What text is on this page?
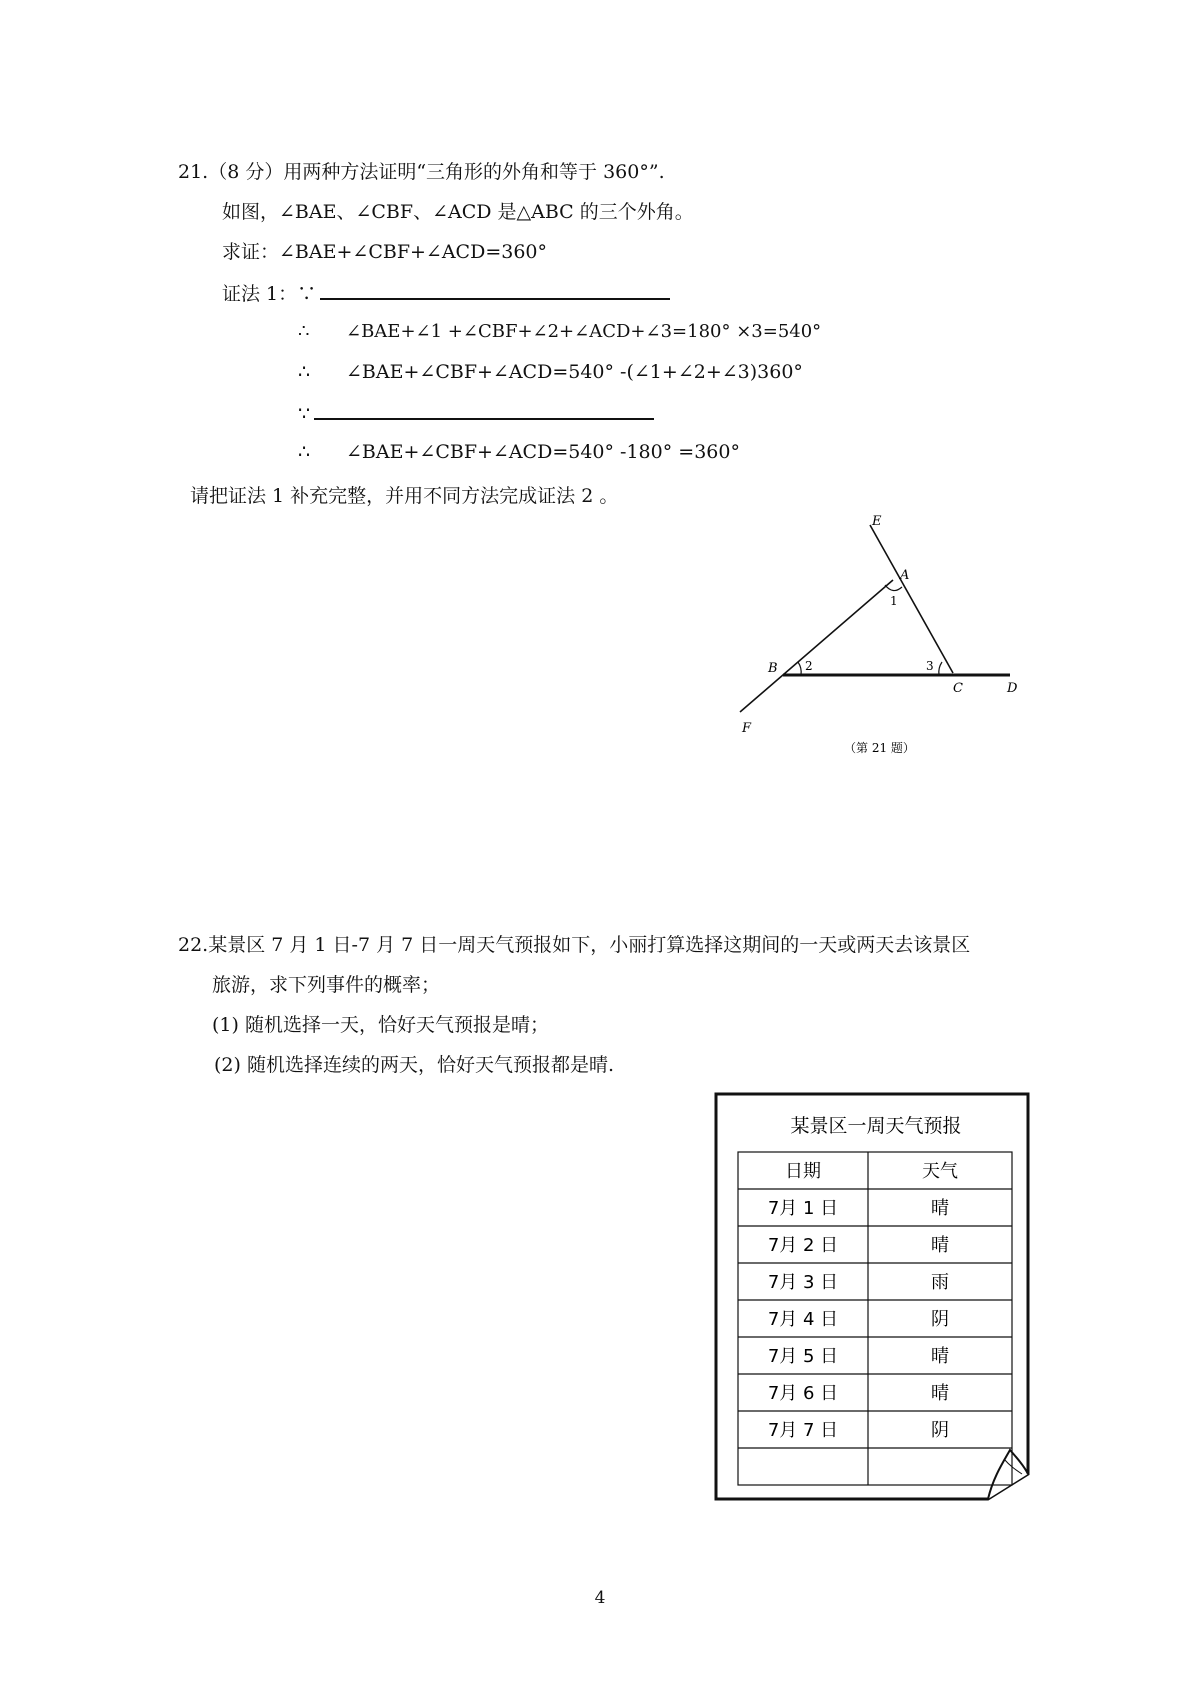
21.（8 分）用两种方法证明“三角形的外角和等于 360°”.
如图，∠BAE、∠CBF、∠ACD 是△ABC 的三个外角。
求证：∠BAE+∠CBF+∠ACD=360°
证法 1：∵
∴ ∠BAE+∠1 +∠CBF+∠2+∠ACD+∠3=180° ×3=540°
∴ ∠BAE+∠CBF+∠ACD=540° -(∠1+∠2+∠3)360°
∵
∴ ∠BAE+∠CBF+∠ACD=540° -180° =360°
请把证法 1 补充完整，并用不同方法完成证法 2 。
E
A
B
C	D
F
1
2	3
（第 21 题）
22.某景区 7 月 1 日-7 月 7 日一周天气预报如下，小丽打算选择这期间的一天或两天去该景区
旅游，求下列事件的概率；
(1) 随机选择一天，恰好天气预报是晴；
(2) 随机选择连续的两天，恰好天气预报都是晴.
某景区一周天气预报
日期	天气
7月 1 日	晴
7月 2 日	晴
7月 3 日	雨
7月 4 日	阴
7月 5 日	晴
7月 6 日	晴
7月 7 日	阴
4
